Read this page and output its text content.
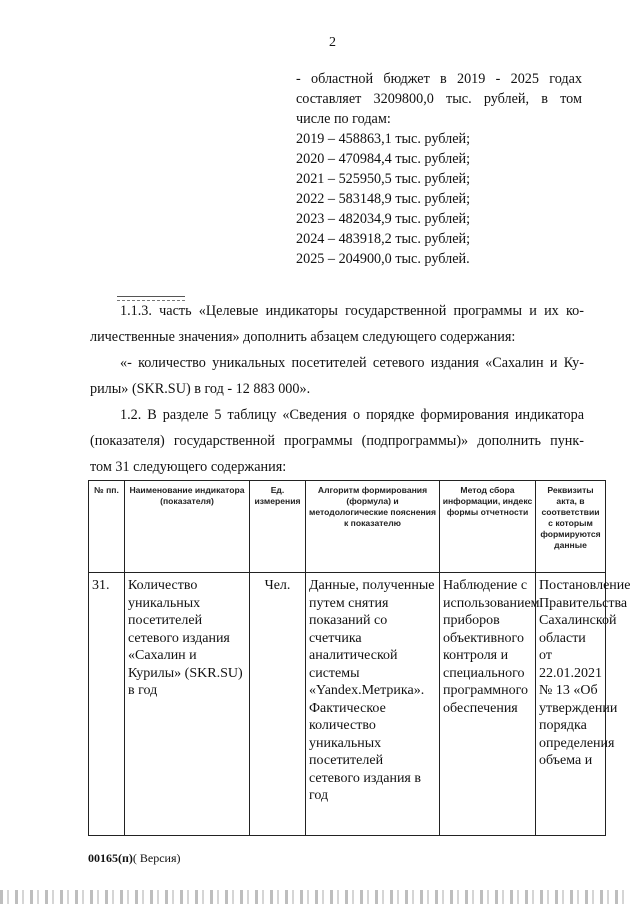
2
- областной бюджет в 2019 - 2025 годах
составляет 3209800,0 тыс. рублей, в том
числе по годам:
2019 – 458863,1 тыс. рублей;
2020 – 470984,4 тыс. рублей;
2021 – 525950,5 тыс. рублей;
2022 – 583148,9 тыс. рублей;
2023 – 482034,9 тыс. рублей;
2024 – 483918,2 тыс. рублей;
2025 – 204900,0 тыс. рублей.
1.1.3. часть «Целевые индикаторы государственной программы и их ко-
личественные значения» дополнить абзацем следующего содержания:
«- количество уникальных посетителей сетевого издания «Сахалин и Ку-
рилы» (SKR.SU) в год - 12 883 000».
1.2. В разделе 5 таблицу «Сведения о порядке формирования индикатора
(показателя) государственной программы (подпрограммы)» дополнить пунк-
том 31 следующего содержания:
№ пп.	Наименование индикатора (показателя)	Ед. измерения	Алгоритм формирования (формула) и методологические пояснения к показателю	Метод сбора информации, индекс формы отчетности	Реквизиты акта, в соответствии с которым формируются данные
31.	Количество уникальных посетителей сетевого издания «Сахалин и Курилы» (SKR.SU) в год	Чел.	Данные, полученные путем снятия показаний со счетчика аналитической системы «Yandex.Метрика». Фактическое количество уникальных посетителей сетевого издания в год	Наблюдение с использованием приборов объективного контроля и специального программного обеспечения	Постановление Правительства Сахалинской области от 22.01.2021 № 13 «Об утверждении порядка определения объема и
00165(п)( Версия)
